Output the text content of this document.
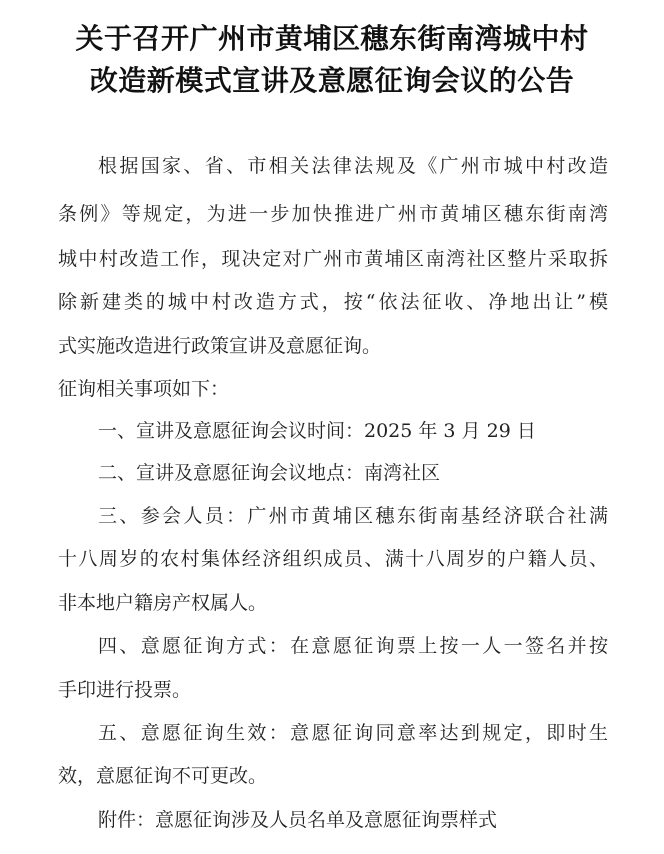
关于召开广州市黄埔区穗东街南湾城中村
改造新模式宣讲及意愿征询会议的公告
根据国家、省、市相关法律法规及《广州市城中村改造
条例》等规定，为进一步加快推进广州市黄埔区穗东街南湾
城中村改造工作，现决定对广州市黄埔区南湾社区整片采取拆
除新建类的城中村改造方式，按“依法征收、净地出让”模
式实施改造进行政策宣讲及意愿征询。
征询相关事项如下：
一、宣讲及意愿征询会议时间：2025 年 3 月 29 日
二、宣讲及意愿征询会议地点：南湾社区
三、参会人员：广州市黄埔区穗东街南基经济联合社满
十八周岁的农村集体经济组织成员、满十八周岁的户籍人员、
非本地户籍房产权属人。
四、意愿征询方式：在意愿征询票上按一人一签名并按
手印进行投票。
五、意愿征询生效：意愿征询同意率达到规定，即时生
效，意愿征询不可更改。
附件：意愿征询涉及人员名单及意愿征询票样式
